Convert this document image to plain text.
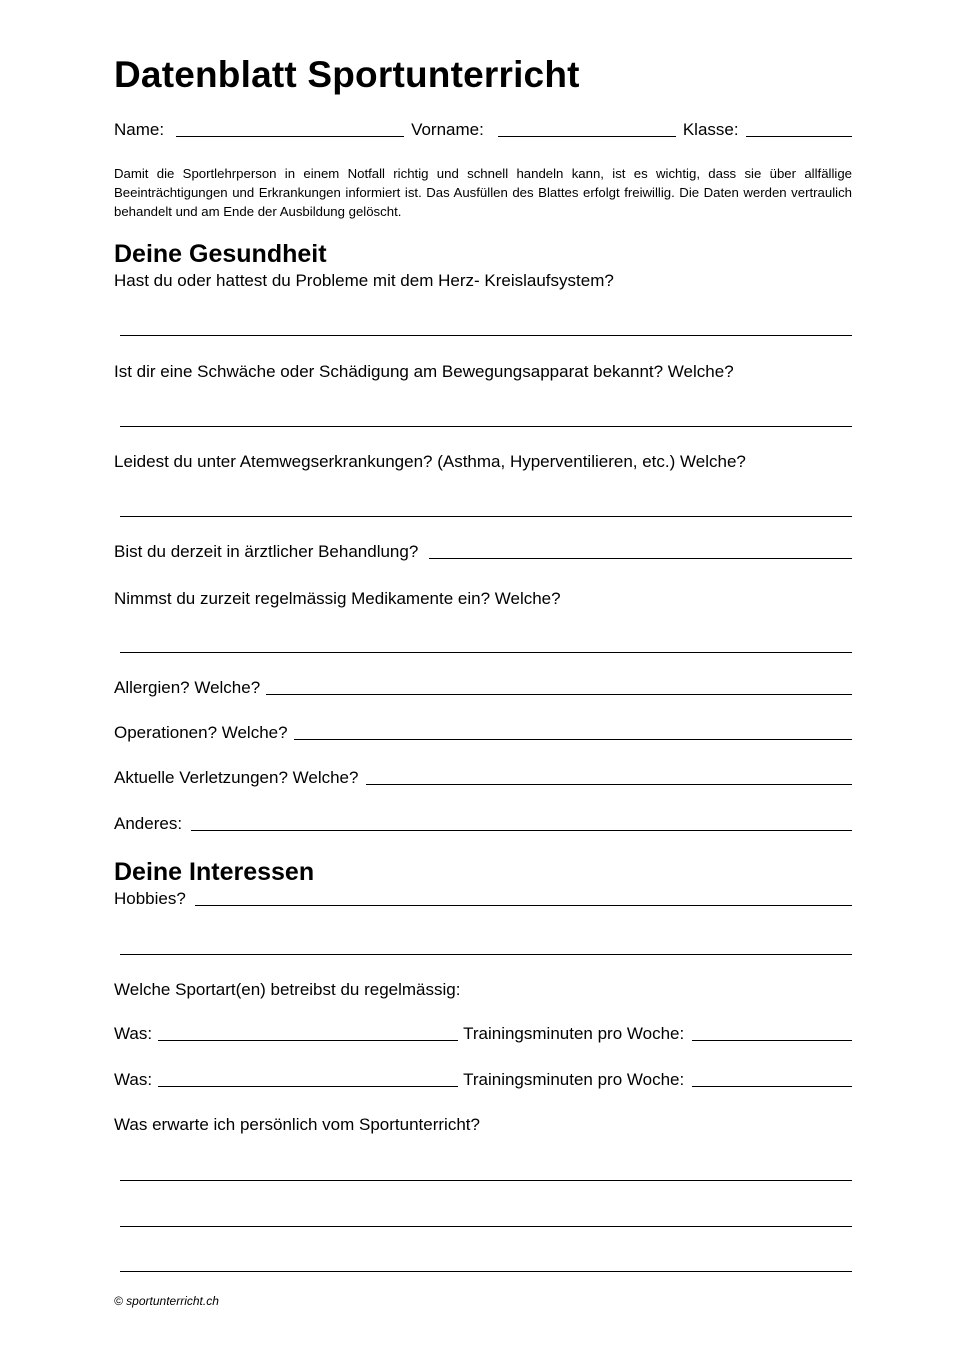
Datenblatt Sportunterricht
Name:	Vorname:	Klasse:
Damit die Sportlehrperson in einem Notfall richtig und schnell handeln kann, ist es wichtig, dass sie über allfällige Beeinträchtigungen und Erkrankungen informiert ist. Das Ausfüllen des Blattes erfolgt freiwillig. Die Daten werden vertraulich behandelt und am Ende der Ausbildung gelöscht.
Deine Gesundheit
Hast du oder hattest du Probleme mit dem Herz- Kreislaufsystem?
Ist dir eine Schwäche oder Schädigung am Bewegungsapparat bekannt? Welche?
Leidest du unter Atemwegserkrankungen? (Asthma, Hyperventilieren, etc.) Welche?
Bist du derzeit in ärztlicher Behandlung?
Nimmst du zurzeit regelmässig Medikamente ein? Welche?
Allergien? Welche?
Operationen? Welche?
Aktuelle Verletzungen? Welche?
Anderes:
Deine Interessen
Hobbies?
Welche Sportart(en) betreibst du regelmässig:
Was:	Trainingsminuten pro Woche:
Was:	Trainingsminuten pro Woche:
Was erwarte ich persönlich vom Sportunterricht?
© sportunterricht.ch
